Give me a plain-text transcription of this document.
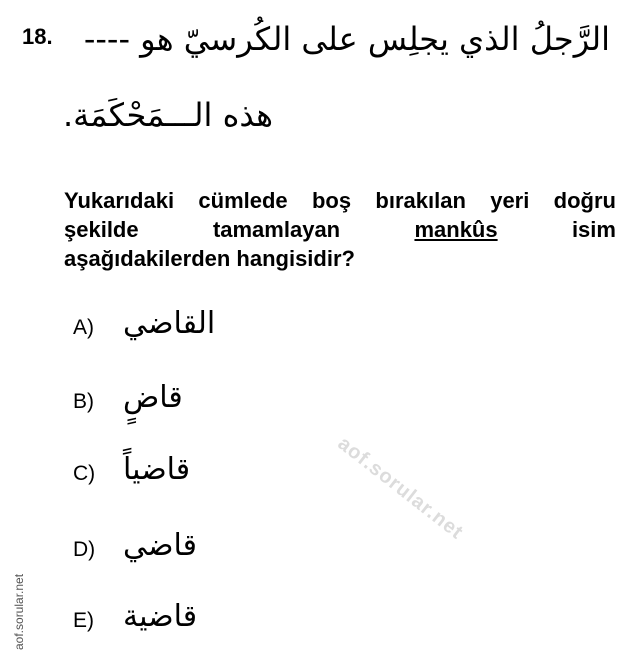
18. الرَّجلُ الذي يجلِس على الكُرسيّ هو ----
هذه الـــمَحْكَمَة.
Yukarıdaki cümlede boş bırakılan yeri doğru
şekilde	tamamlayan	mankûs	isim
aşağıdakilerden hangisidir?
A) القاضي
B) قاضٍ
C) قاضياً
D) قاضي
E) قاضية
aof.sorular.net
aof.sorular.net
